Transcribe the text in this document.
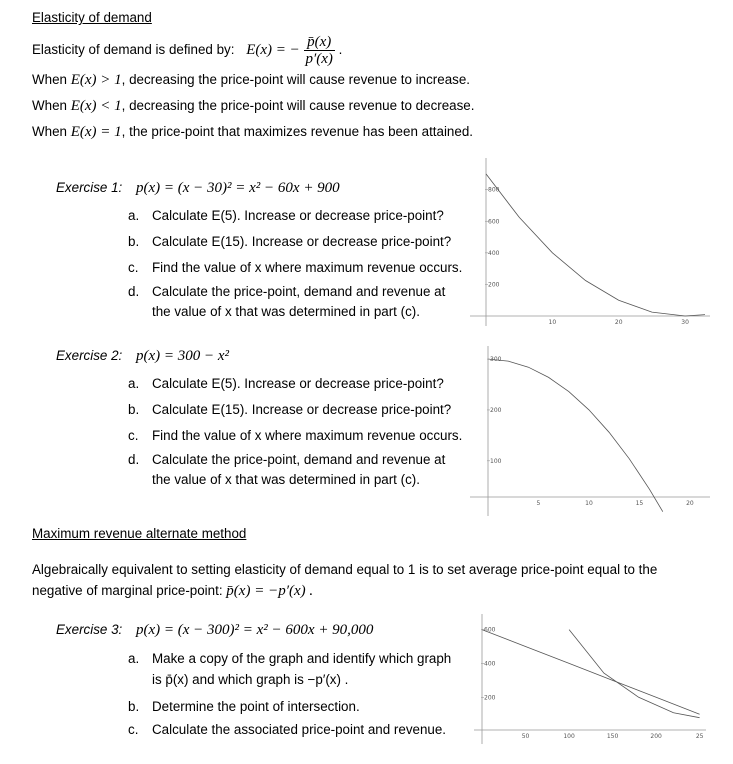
Elasticity of demand
Elasticity of demand is defined by: E(x) = − $\frac{p̄(x)}{p'(x)}$ .
When E(x) > 1, decreasing the price-point will cause revenue to increase.
When E(x) < 1, decreasing the price-point will cause revenue to decrease.
When E(x) = 1, the price-point that maximizes revenue has been attained.
Exercise 1: p(x) = (x − 30)² = x² − 60x + 900
a. Calculate E(5). Increase or decrease price-point?
b. Calculate E(15). Increase or decrease price-point?
c. Find the value of x where maximum revenue occurs.
d. Calculate the price-point, demand and revenue at
the value of x that was determined in part (c).
10	20	30
200
400
600
800
Exercise 2: p(x) = 300 − x²
a. Calculate E(5). Increase or decrease price-point?
b. Calculate E(15). Increase or decrease price-point?
c. Find the value of x where maximum revenue occurs.
d. Calculate the price-point, demand and revenue at
the value of x that was determined in part (c).
5	10	15	20
100
200
300
Maximum revenue alternate method
Algebraically equivalent to setting elasticity of demand equal to 1 is to set average price-point equal to the
negative of marginal price-point: p̄(x) = −p′(x) .
Exercise 3: p(x) = (x − 300)² = x² − 600x + 90,000
a. Make a copy of the graph and identify which graph
is p̄(x) and which graph is −p′(x) .
b. Determine the point of intersection.
c. Calculate the associated price-point and revenue.	50	100	150	200	25
200
400
600
